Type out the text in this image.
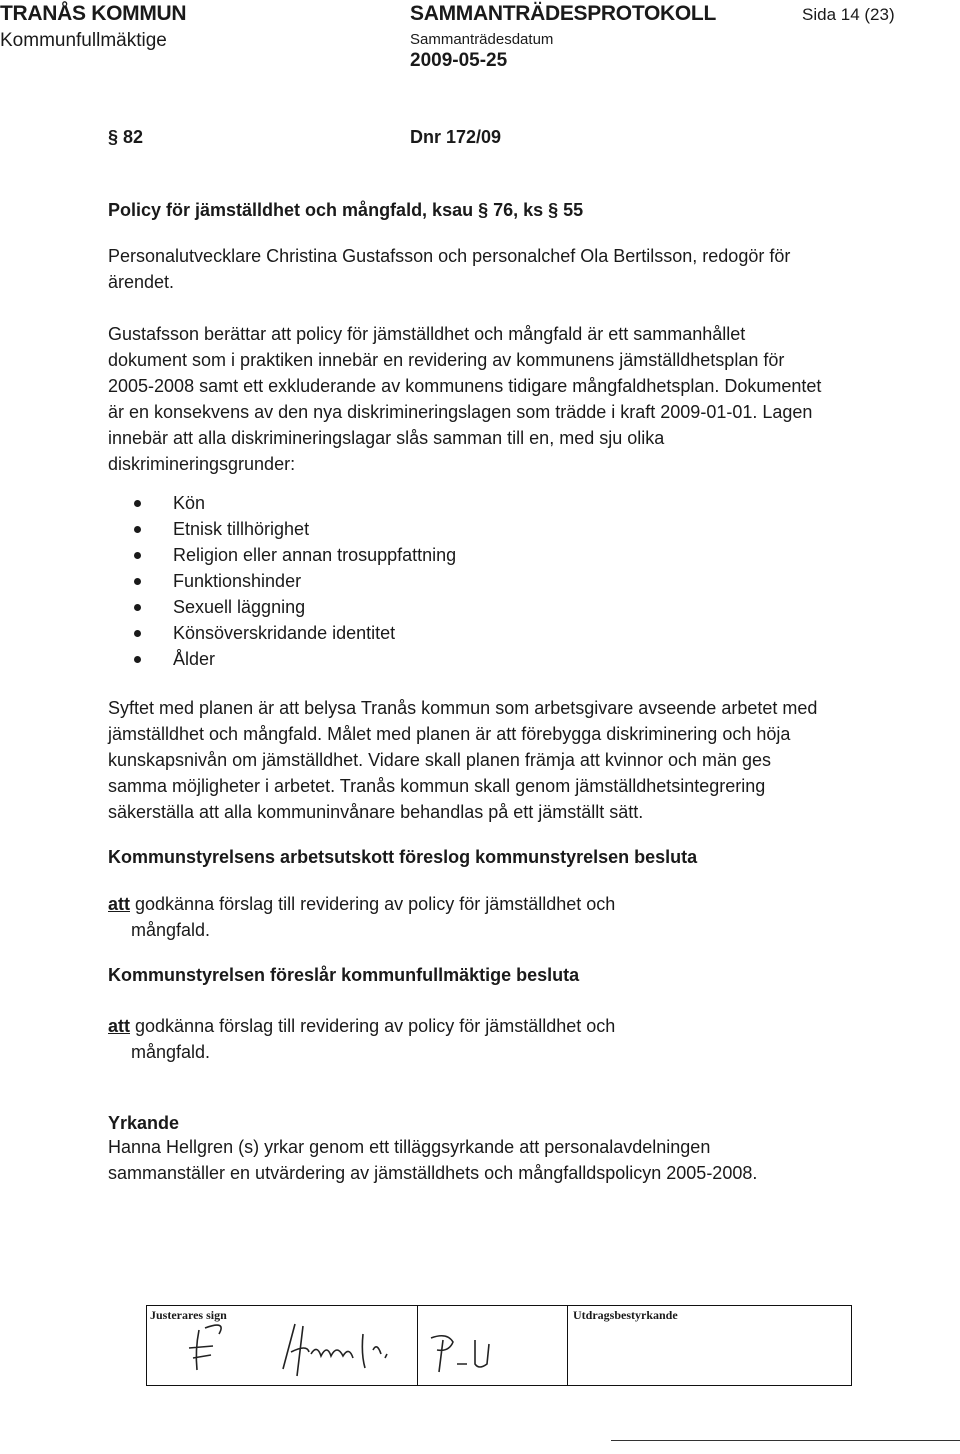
TRANÅS KOMMUN
Kommunfullmäktige
SAMMANTRÄDESPROTOKOLL
Sammanträdesdatum
2009-05-25
Sida 14 (23)
§ 82	Dnr 172/09
Policy för jämställdhet och mångfald, ksau § 76, ks § 55

Personalutvecklare Christina Gustafsson och personalchef Ola Bertilsson, redogör för ärendet.

Gustafsson berättar att policy för jämställdhet och mångfald är ett sammanhållet dokument som i praktiken innebär en revidering av kommunens jämställdhetsplan för 2005-2008 samt ett exkluderande av kommunens tidigare mångfaldhetsplan. Dokumentet är en konsekvens av den nya diskrimineringslagen som trädde i kraft 2009-01-01. Lagen innebär att alla diskrimineringslagar slås samman till en, med sju olika diskrimineringsgrunder:

Kön
Etnisk tillhörighet
Religion eller annan trosuppfattning
Funktionshinder
Sexuell läggning
Könsöverskridande identitet
Ålder

Syftet med planen är att belysa Tranås kommun som arbetsgivare avseende arbetet med jämställdhet och mångfald. Målet med planen är att förebygga diskriminering och höja kunskapsnivån om jämställdhet. Vidare skall planen främja att kvinnor och män ges samma möjligheter i arbetet. Tranås kommun skall genom jämställdhetsintegrering säkerställa att alla kommuninvånare behandlas på ett jämställt sätt.

Kommunstyrelsens arbetsutskott föreslog kommunstyrelsen besluta
att godkänna förslag till revidering av policy för jämställdhet och
mångfald.
Kommunstyrelsen föreslår kommunfullmäktige besluta
att godkänna förslag till revidering av policy för jämställdhet och
mångfald.
Yrkande

Hanna Hellgren (s) yrkar genom ett tilläggsyrkande att personalavdelningen sammanställer en utvärdering av jämställdhets och mångfalldspolicyn 2005-2008.

Justerares sign	Utdragsbestyrkande
